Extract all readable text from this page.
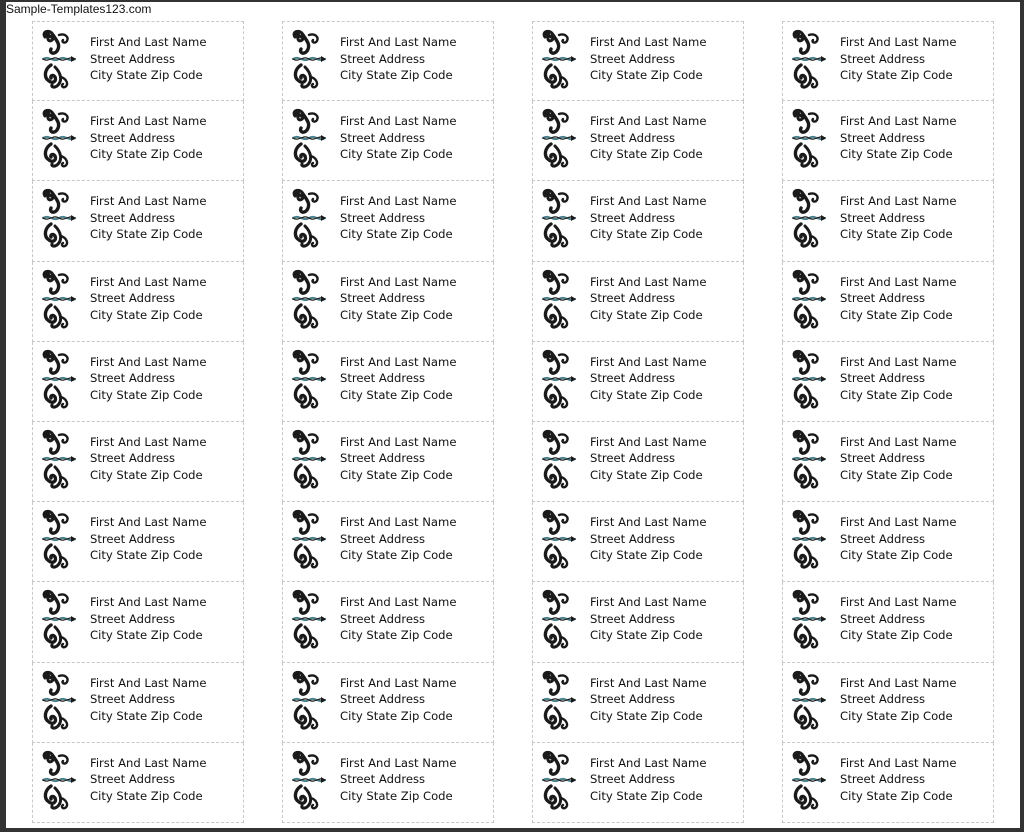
Sample-Templates123.com
First And Last Name
Street Address
City State Zip Code
First And Last Name
Street Address
City State Zip Code
First And Last Name
Street Address
City State Zip Code
First And Last Name
Street Address
City State Zip Code
First And Last Name
Street Address
City State Zip Code
First And Last Name
Street Address
City State Zip Code
First And Last Name
Street Address
City State Zip Code
First And Last Name
Street Address
City State Zip Code
First And Last Name
Street Address
City State Zip Code
First And Last Name
Street Address
City State Zip Code
First And Last Name
Street Address
City State Zip Code
First And Last Name
Street Address
City State Zip Code
First And Last Name
Street Address
City State Zip Code
First And Last Name
Street Address
City State Zip Code
First And Last Name
Street Address
City State Zip Code
First And Last Name
Street Address
City State Zip Code
First And Last Name
Street Address
City State Zip Code
First And Last Name
Street Address
City State Zip Code
First And Last Name
Street Address
City State Zip Code
First And Last Name
Street Address
City State Zip Code
First And Last Name
Street Address
City State Zip Code
First And Last Name
Street Address
City State Zip Code
First And Last Name
Street Address
City State Zip Code
First And Last Name
Street Address
City State Zip Code
First And Last Name
Street Address
City State Zip Code
First And Last Name
Street Address
City State Zip Code
First And Last Name
Street Address
City State Zip Code
First And Last Name
Street Address
City State Zip Code
First And Last Name
Street Address
City State Zip Code
First And Last Name
Street Address
City State Zip Code
First And Last Name
Street Address
City State Zip Code
First And Last Name
Street Address
City State Zip Code
First And Last Name
Street Address
City State Zip Code
First And Last Name
Street Address
City State Zip Code
First And Last Name
Street Address
City State Zip Code
First And Last Name
Street Address
City State Zip Code
First And Last Name
Street Address
City State Zip Code
First And Last Name
Street Address
City State Zip Code
First And Last Name
Street Address
City State Zip Code
First And Last Name
Street Address
City State Zip Code
